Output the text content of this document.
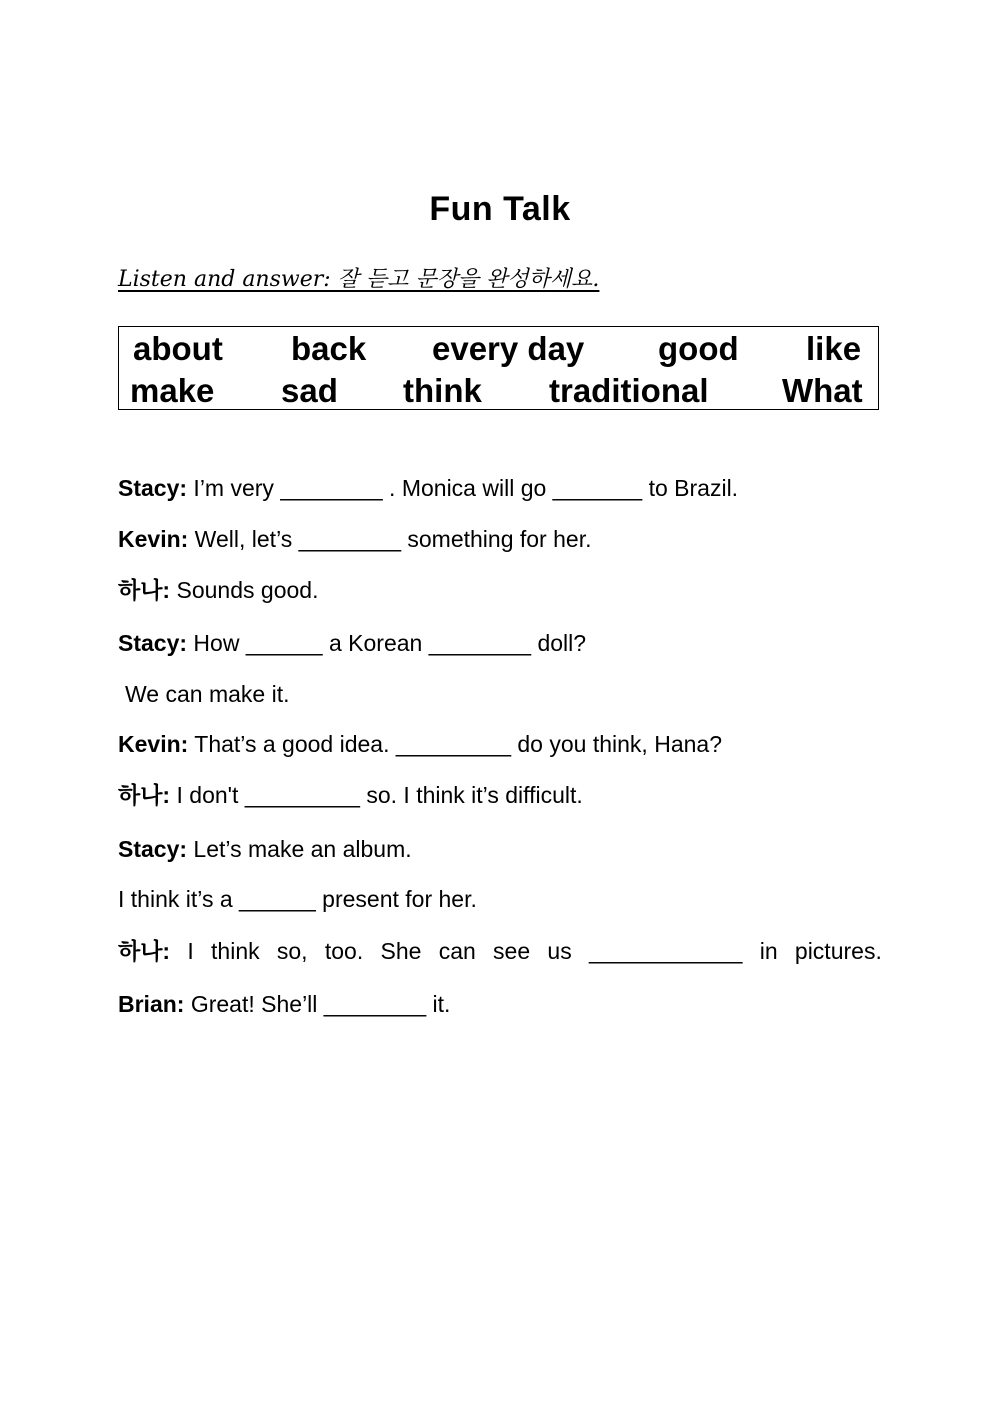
Fun Talk
Listen and answer: 잘 듣고 문장을 완성하세요.
about back every day good like
make sad think traditional What
Stacy: I’m very ________ . Monica will go _______ to Brazil.
Kevin: Well, let’s ________ something for her.
하나: Sounds good.
Stacy: How ______ a Korean ________ doll?
We can make it.
Kevin: That’s a good idea. _________ do you think, Hana?
하나: I don't _________ so. I think it’s difficult.
Stacy: Let’s make an album.
I think it’s a ______ present for her.
하나: I think so, too. She can see us ____________ in pictures.
Brian: Great! She’ll ________ it.
